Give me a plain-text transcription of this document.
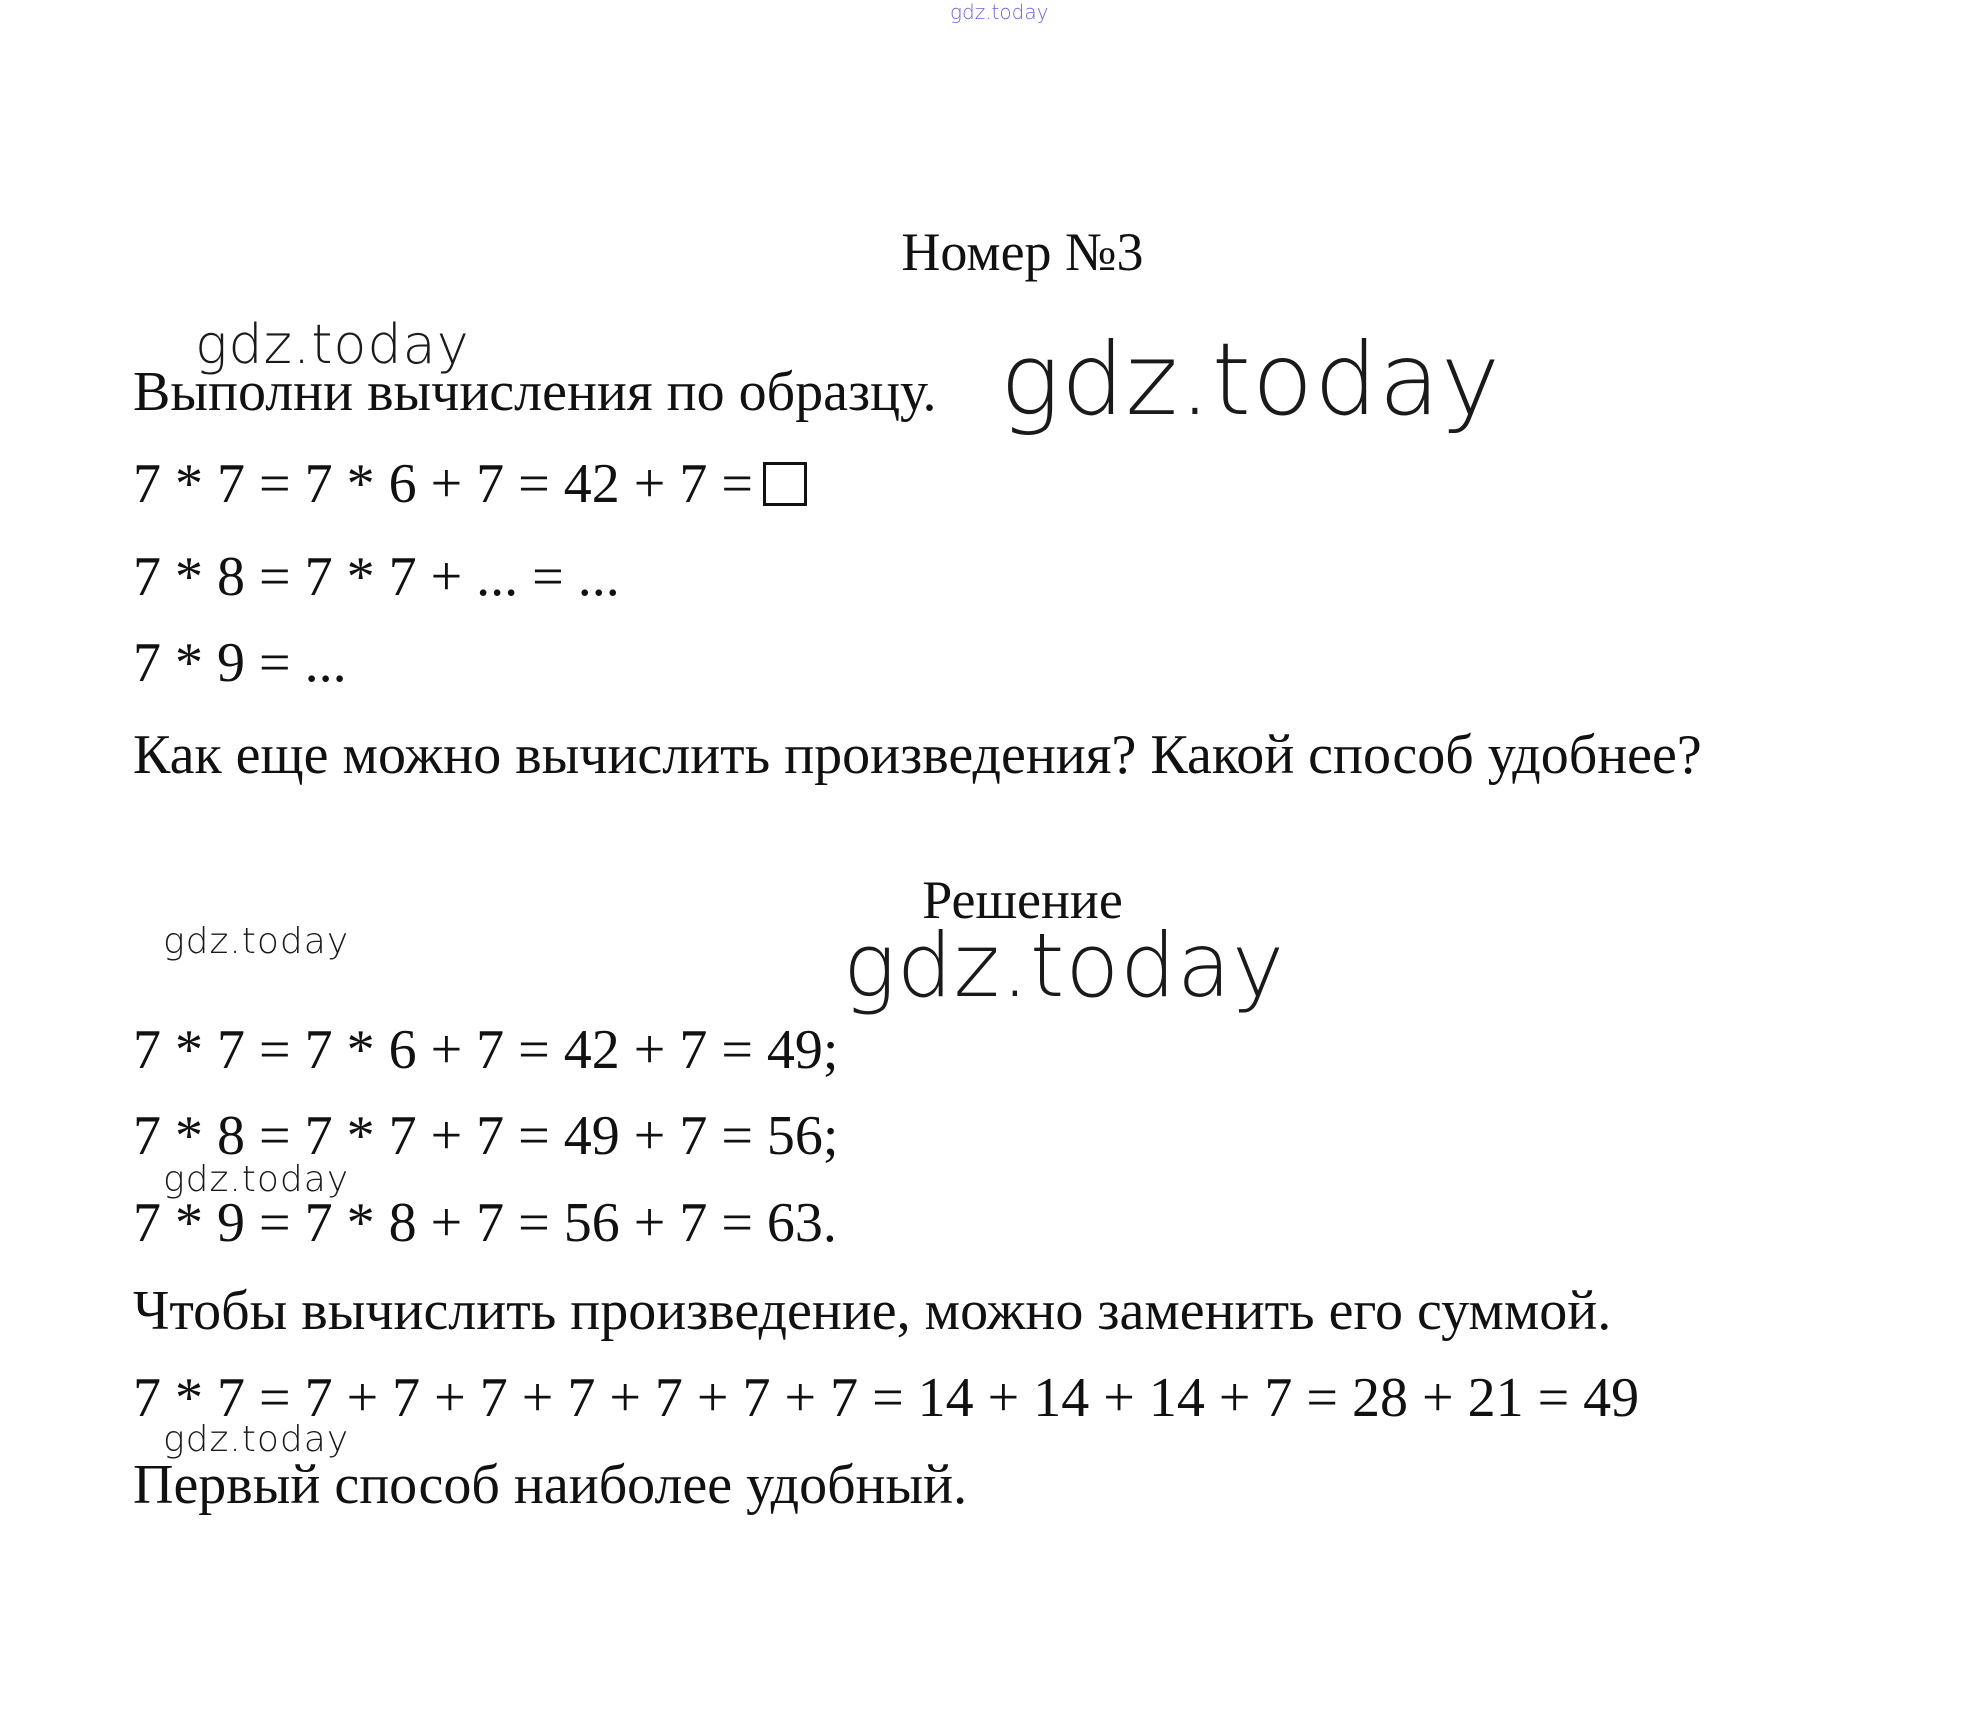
gdz.today
Номер №3
gdz.today
Выполни вычисления по образцу. gdz.today
7 * 7 = 7 * 6 + 7 = 42 + 7 =
7 * 8 = 7 * 7 + ... = ...
7 * 9 = ...
Как еще можно вычислить произведения? Какой способ удобнее?
Решение
gdz.today	gdz.today
7 * 7 = 7 * 6 + 7 = 42 + 7 = 49;
7 * 8 = 7 * 7 + 7 = 49 + 7 = 56;
gdz.today
7 * 9 = 7 * 8 + 7 = 56 + 7 = 63.
Чтобы вычислить произведение, можно заменить его суммой.
7 * 7 = 7 + 7 + 7 + 7 + 7 + 7 + 7 = 14 + 14 + 14 + 7 = 28 + 21 = 49
gdz.today
Первый способ наиболее удобный.
